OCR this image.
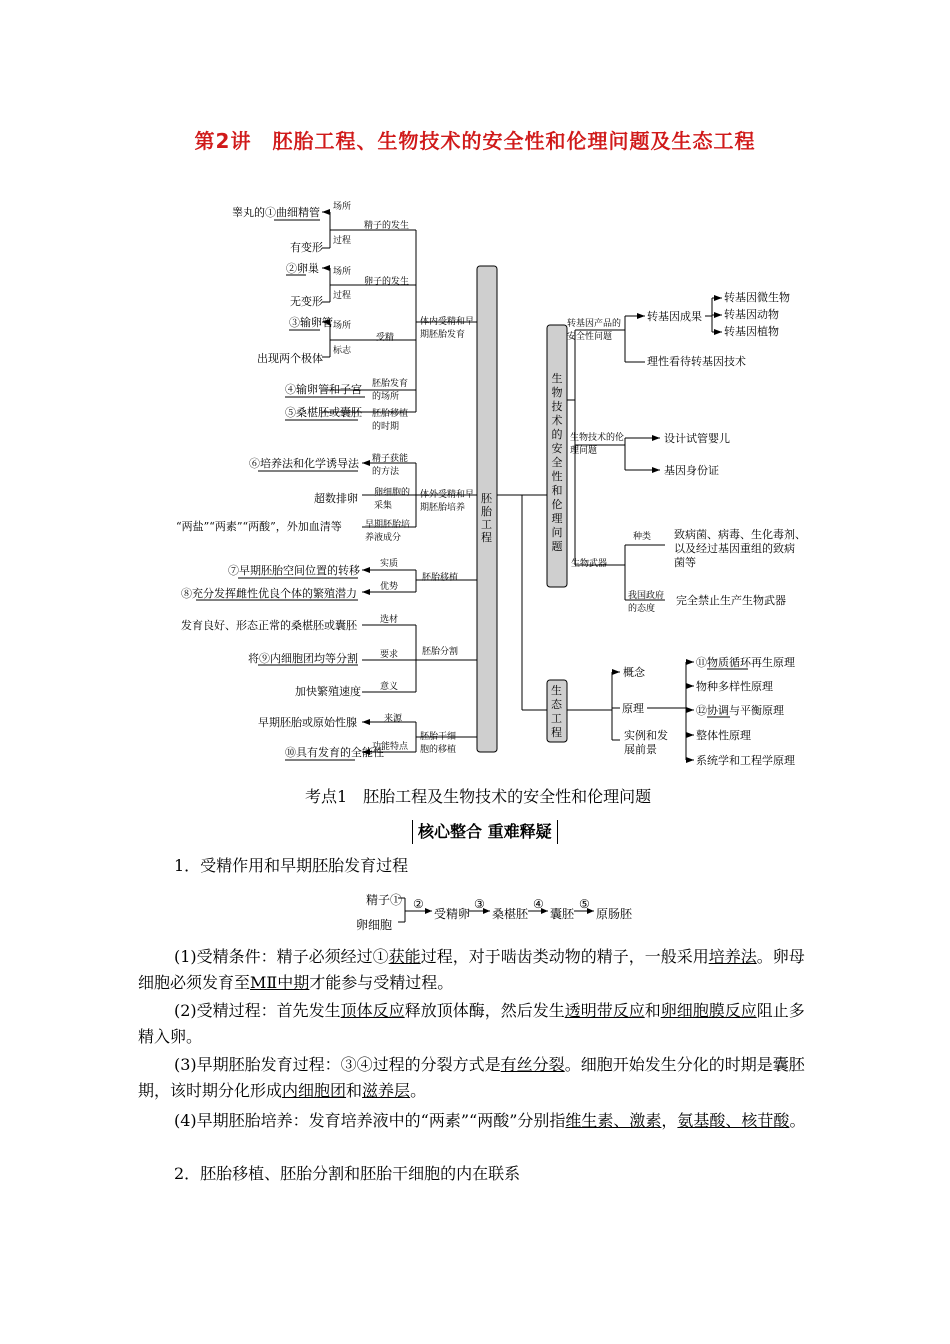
第2讲　胚胎工程、生物技术的安全性和伦理问题及生态工程
胚胎工程
体内受精和早期胚胎发育
体外受精和早期胚胎培养
胚胎移植
胚胎分割
胚胎干细胞的移植
精子的发生
卵子的发生
受精
胚胎发育的场所
胚胎移植的时期
精子获能的方法
卵细胞的采集
早期胚胎培养液成分
实质
优势
选材
要求
意义
来源
功能特点
场所
过程
场所
过程
场所
标志
睾丸的①曲细精管
有变形
②卵巢
无变形
③输卵管
出现两个极体
④输卵管和子宫
⑤桑椹胚或囊胚
⑥培养法和化学诱导法
超数排卵
“两盐”“两素”“两酸”，外加血清等
⑦早期胚胎空间位置的转移
⑧充分发挥雌性优良个体的繁殖潜力
发育良好、形态正常的桑椹胚或囊胚
将⑨内细胞团均等分割
加快繁殖速度
早期胚胎或原始性腺
⑩具有发育的全能性
生物技术的安全性和伦理问题
转基因产品的安全性问题
转基因成果
转基因微生物
转基因动物
转基因植物
理性看待转基因技术
生物技术的伦理问题
设计试管婴儿
基因身份证
生物武器
种类 致病菌、病毒、生化毒剂、
以及经过基因重组的致病
菌等
我国政府的态度
完全禁止生产生物武器
生态工程
概念
原理
实例和发展前景
⑪物质循环再生原理
物种多样性原理
⑫协调与平衡原理
整体性原理
系统学和工程学原理
考点1　胚胎工程及生物技术的安全性和伦理问题
核心整合 重难释疑
1．受精作用和早期胚胎发育过程
精子①
卵细胞
②
受精卵
③
桑椹胚
④
囊胚
⑤
原肠胚
(1)受精条件：精子必须经过①获能过程，对于啮齿类动物的精子，一般采用培养法。卵母细胞必须发育至MⅡ中期才能参与受精过程。
(2)受精过程：首先发生顶体反应释放顶体酶，然后发生透明带反应和卵细胞膜反应阻止多精入卵。
(3)早期胚胎发育过程：③④过程的分裂方式是有丝分裂。细胞开始发生分化的时期是囊胚期，该时期分化形成内细胞团和滋养层。
(4)早期胚胎培养：发育培养液中的“两素”“两酸”分别指维生素、激素，氨基酸、核苷酸。
2．胚胎移植、胚胎分割和胚胎干细胞的内在联系
